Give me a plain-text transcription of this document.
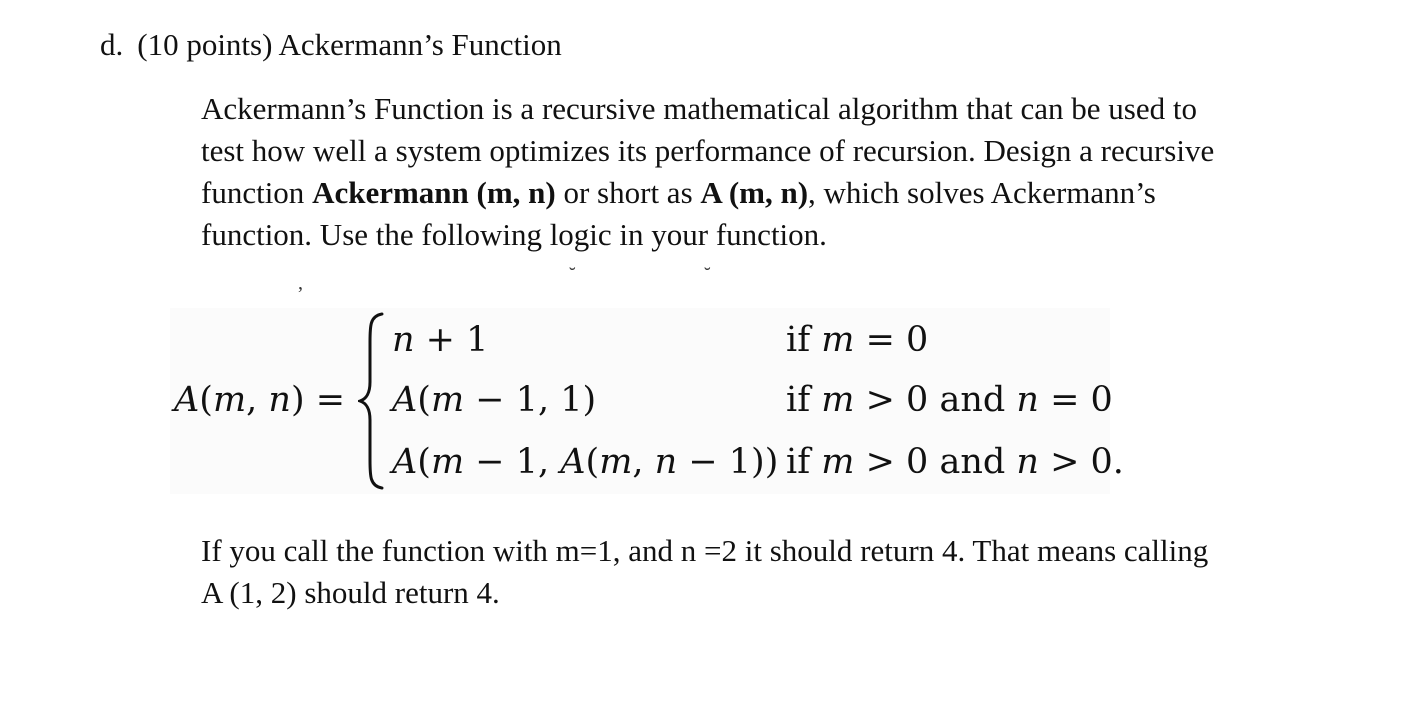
d. (10 points) Ackermann’s Function
Ackermann’s Function is a recursive mathematical algorithm that can be used to
test how well a system optimizes its performance of recursion. Design a recursive
function Ackermann (m, n) or short as A (m, n), which solves Ackermann’s
function. Use the following logic in your function.
,	˘	˘
A(m, n) =
n + 1	if m = 0
A(m − 1, 1)	if m > 0 and n = 0
A(m − 1, A(m, n − 1)) if m > 0 and n > 0.
If you call the function with m=1, and n =2 it should return 4. That means calling
A (1, 2) should return 4.
